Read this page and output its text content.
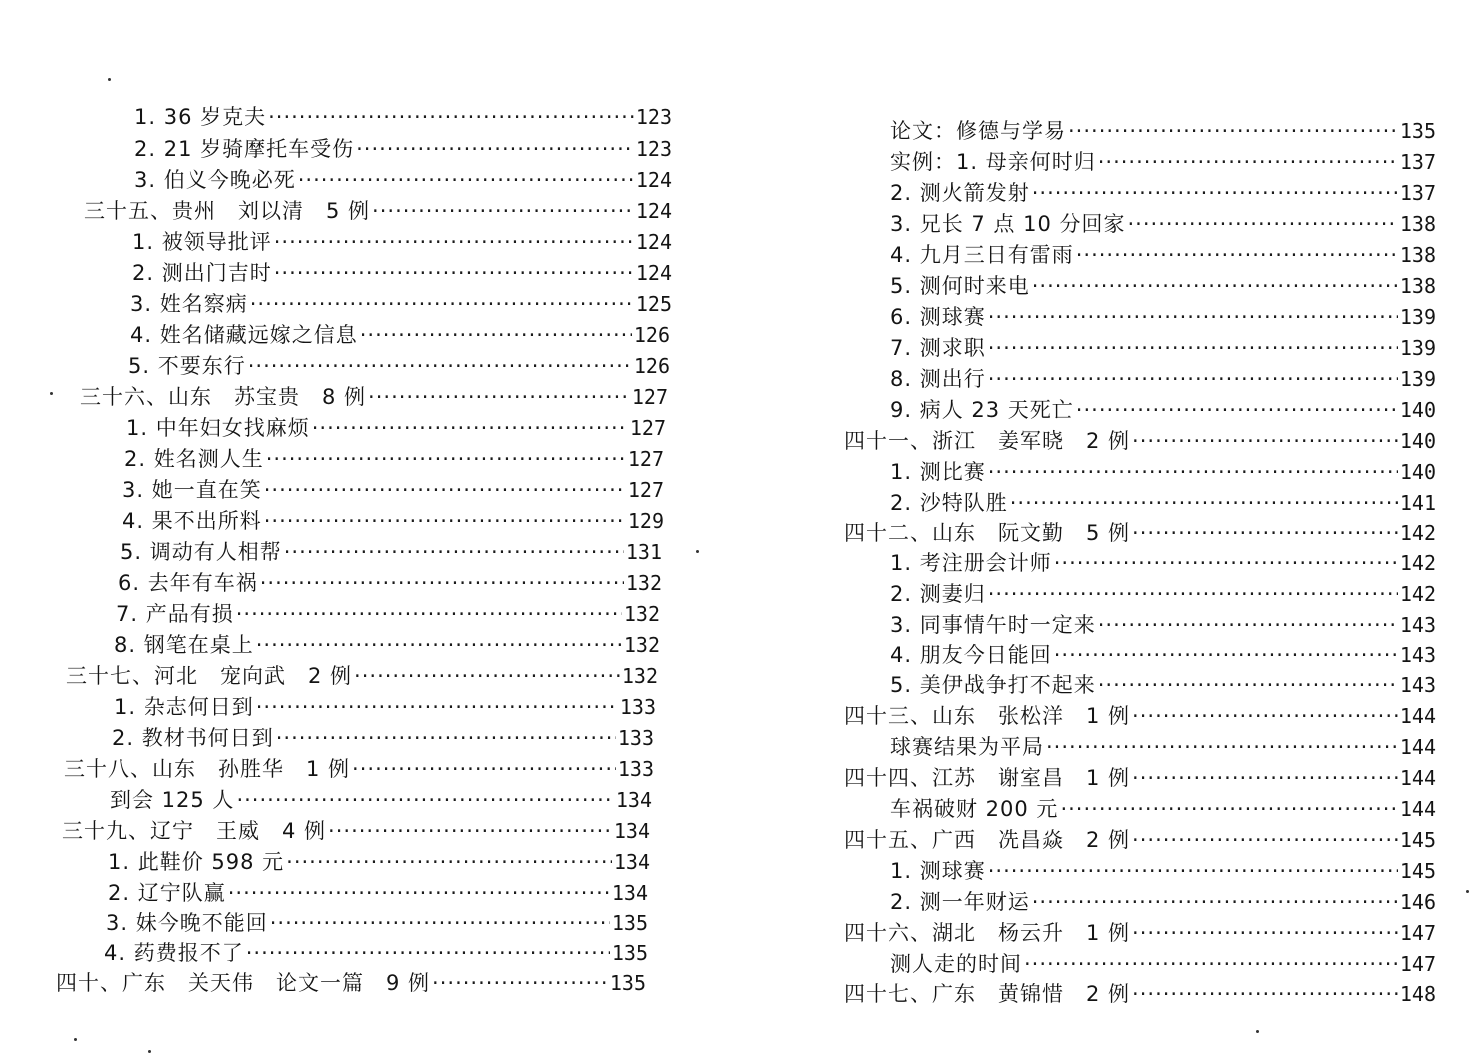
1. 36 岁克夫 ·····	123
2. 21 岁骑摩托车受伤 ·····	123
3. 伯义今晚必死 ·····	124
三十五、贵州　刘以清　5 例 ·····	124
1. 被领导批评 ·····	124
2. 测出门吉时 ·····	124
3. 姓名察病 ·····	125
4. 姓名储藏远嫁之信息 ·····	126
5. 不要东行 ·····	126
三十六、山东　苏宝贵　8 例 ·····	127
1. 中年妇女找麻烦 ·····	127
2. 姓名测人生 ·····	127
3. 她一直在笑 ·····	127
4. 果不出所料 ·····	129
5. 调动有人相帮 ·····	131
6. 去年有车祸 ·····	132
7. 产品有损 ·····	132
8. 钢笔在桌上 ·····	132
三十七、河北　宠向武　2 例 ·····	132
1. 杂志何日到 ·····	133
2. 教材书何日到 ·····	133
三十八、山东　孙胜华　1 例 ·····	133
到会 125 人 ·····	134
三十九、辽宁　王威　4 例 ·····	134
1. 此鞋价 598 元 ·····	134
2. 辽宁队赢 ·····	134
3. 妹今晚不能回 ·····	135
4. 药费报不了 ·····	135
四十、广东　关天伟　论文一篇　9 例 ·····	135
论文：修德与学易 ·····	135
实例：1. 母亲何时归 ·····	137
2. 测火箭发射 ·····	137
3. 兄长 7 点 10 分回家 ·····	138
4. 九月三日有雷雨 ·····	138
5. 测何时来电 ·····	138
6. 测球赛 ·····	139
7. 测求职 ·····	139
8. 测出行 ·····	139
9. 病人 23 天死亡 ·····	140
四十一、浙江　姜军晓　2 例 ·····	140
1. 测比赛 ·····	140
2. 沙特队胜 ·····	141
四十二、山东　阮文勤　5 例 ·····	142
1. 考注册会计师 ·····	142
2. 测妻归 ·····	142
3. 同事情午时一定来 ·····	143
4. 朋友今日能回 ·····	143
5. 美伊战争打不起来 ·····	143
四十三、山东　张松洋　1 例 ·····	144
球赛结果为平局 ·····	144
四十四、江苏　谢室昌　1 例 ·····	144
车祸破财 200 元 ·····	144
四十五、广西　冼昌焱　2 例 ·····	145
1. 测球赛 ·····	145
2. 测一年财运 ·····	146
四十六、湖北　杨云升　1 例 ·····	147
测人走的时间 ·····	147
四十七、广东　黄锦惜　2 例 ·····	148
